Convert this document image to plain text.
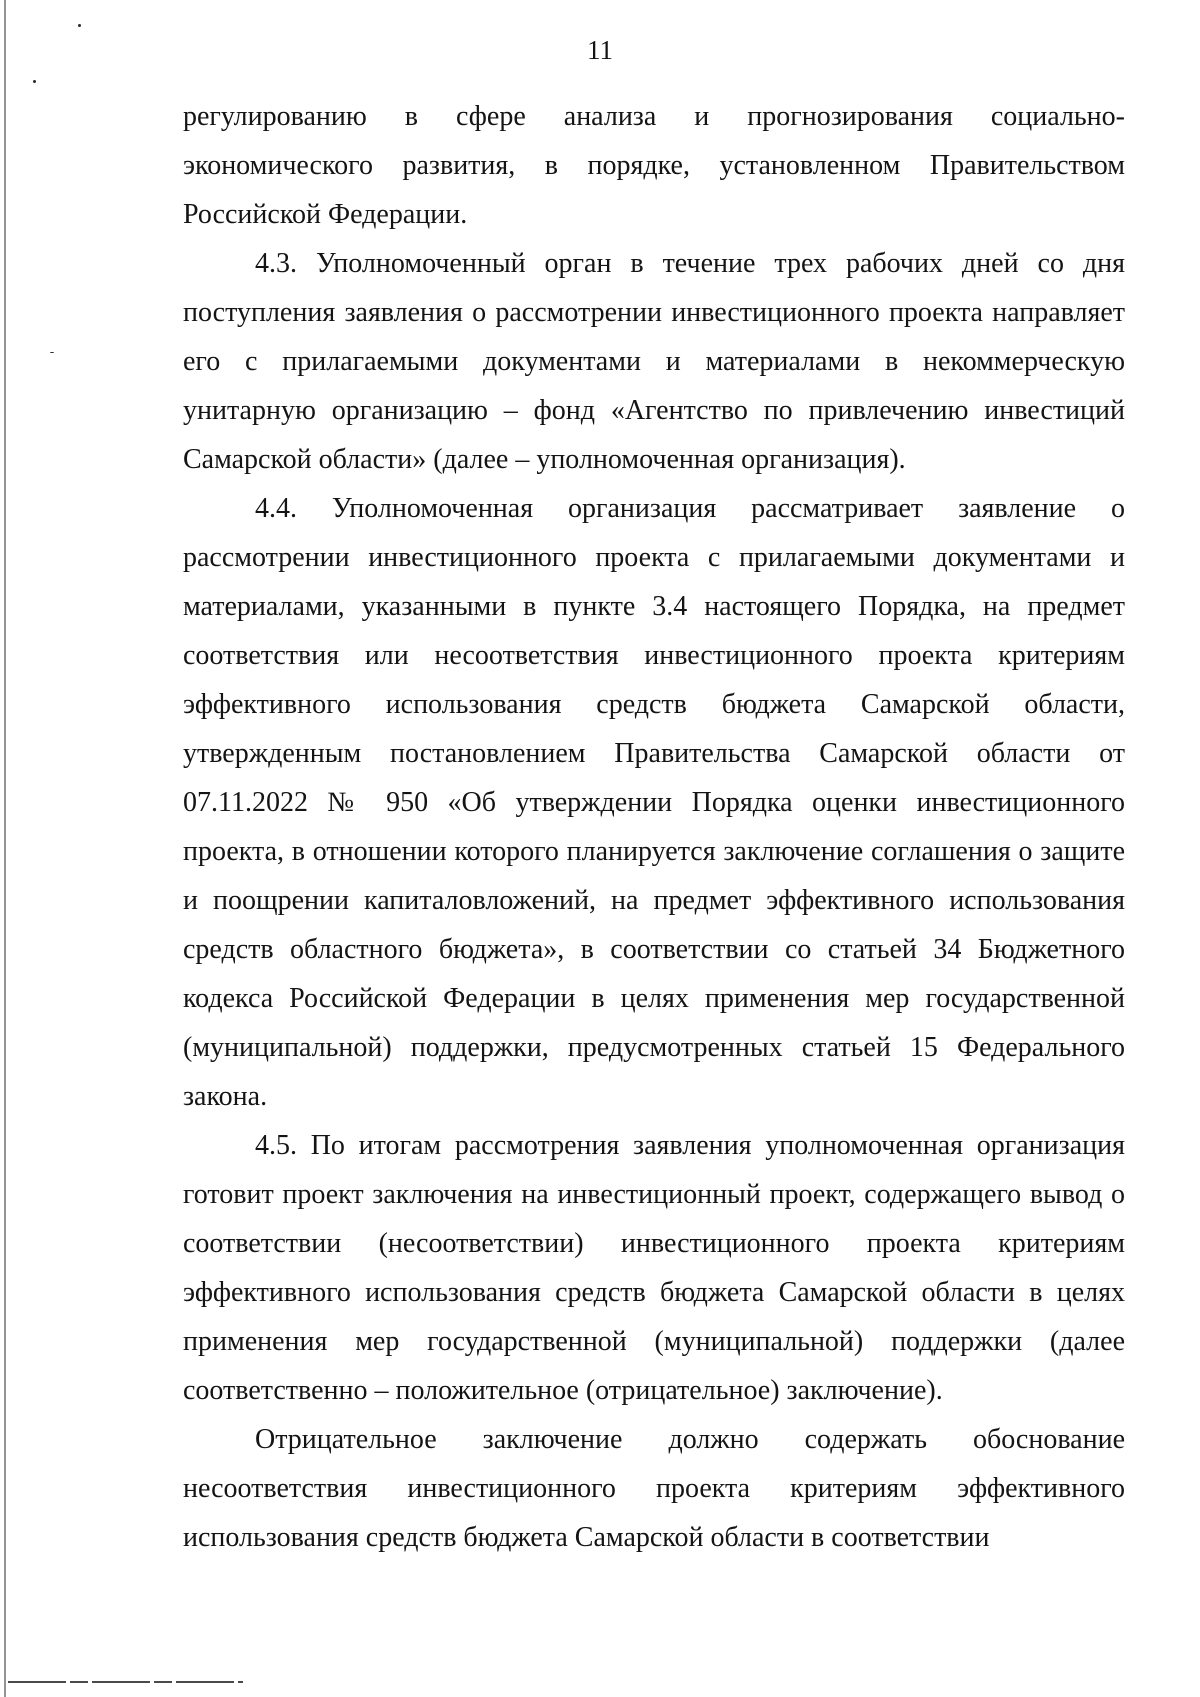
11

регулированию в сфере анализа и прогнозирования социально-экономического развития, в порядке, установленном Правительством Российской Федерации.

4.3. Уполномоченный орган в течение трех рабочих дней со дня поступления заявления о рассмотрении инвестиционного проекта направляет его с прилагаемыми документами и материалами в некоммерческую унитарную организацию – фонд «Агентство по привлечению инвестиций Самарской области» (далее – уполномоченная организация).

4.4. Уполномоченная организация рассматривает заявление о рассмотрении инвестиционного проекта с прилагаемыми документами и материалами, указанными в пункте 3.4 настоящего Порядка, на предмет соответствия или несоответствия инвестиционного проекта критериям эффективного использования средств бюджета Самарской области, утвержденным постановлением Правительства Самарской области от 07.11.2022 № 950 «Об утверждении Порядка оценки инвестиционного проекта, в отношении которого планируется заключение соглашения о защите и поощрении капиталовложений, на предмет эффективного использования средств областного бюджета», в соответствии со статьей 34 Бюджетного кодекса Российской Федерации в целях применения мер государственной (муниципальной) поддержки, предусмотренных статьей 15 Федерального закона.

4.5. По итогам рассмотрения заявления уполномоченная организация готовит проект заключения на инвестиционный проект, содержащего вывод о соответствии (несоответствии) инвестиционного проекта критериям эффективного использования средств бюджета Самарской области в целях применения мер государственной (муниципальной) поддержки (далее соответственно – положительное (отрицательное) заключение).

Отрицательное заключение должно содержать обоснование несоответствия инвестиционного проекта критериям эффективного использования средств бюджета Самарской области в соответствии
